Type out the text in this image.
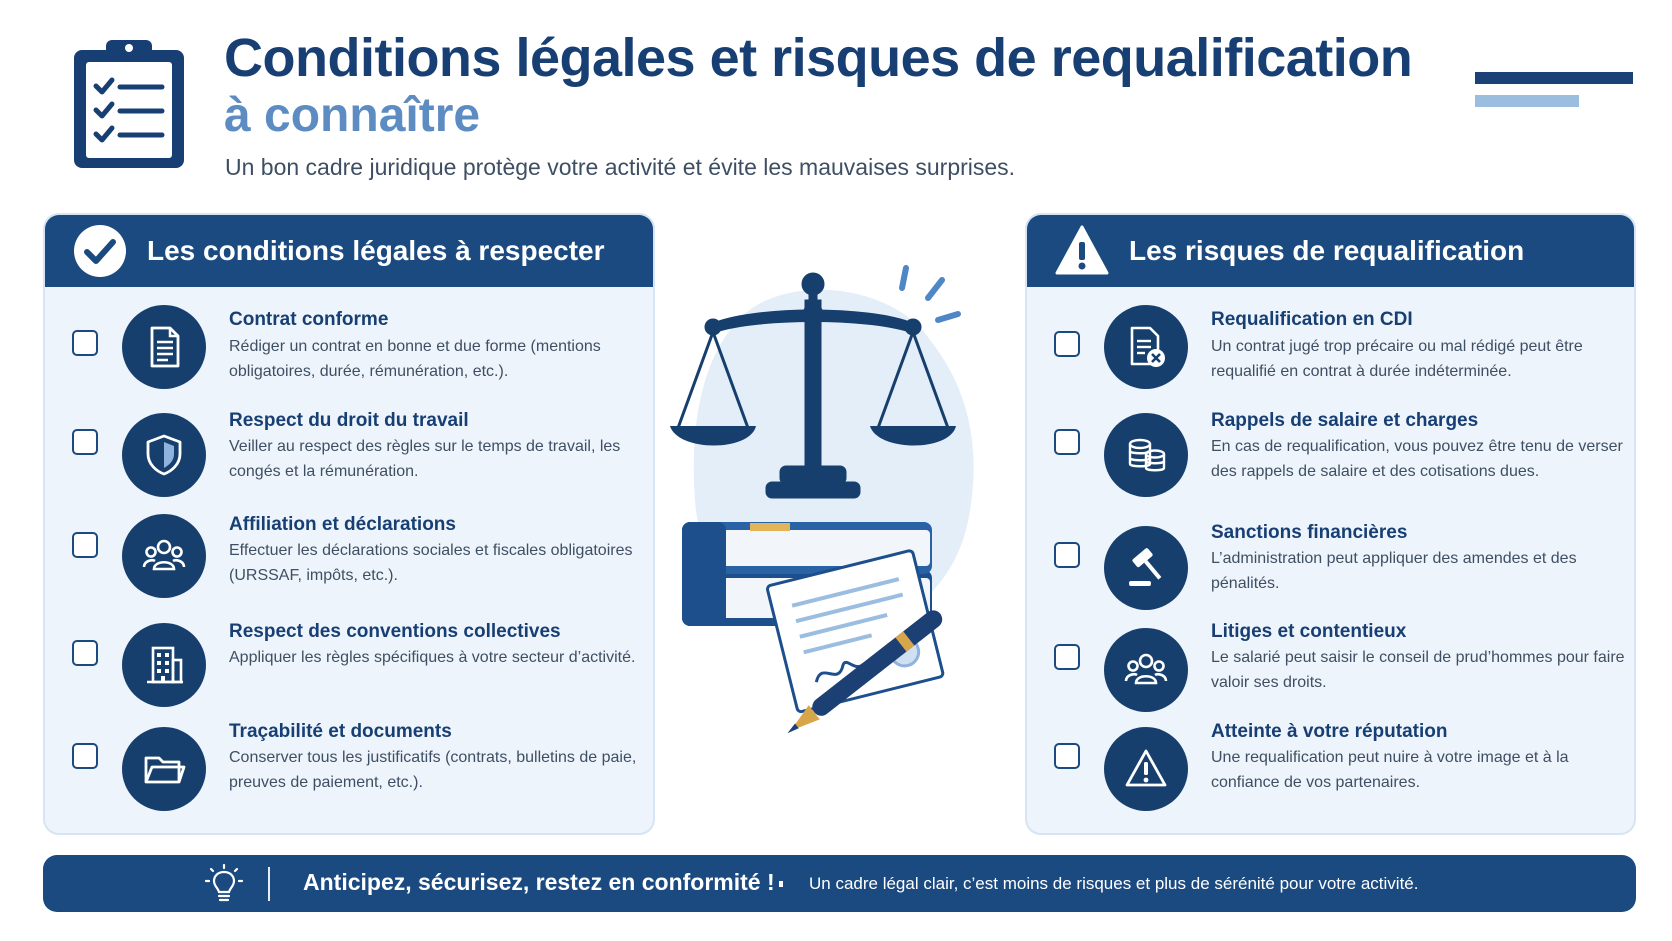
Conditions légales et risques de requalification
à connaître
Un bon cadre juridique protège votre activité et évite les mauvaises surprises.
Les conditions légales à respecter
Contrat conforme
Rédiger un contrat en bonne et due forme (mentions obligatoires, durée, rémunération, etc.).
Respect du droit du travail
Veiller au respect des règles sur le temps de travail, les congés et la rémunération.
Affiliation et déclarations
Effectuer les déclarations sociales et fiscales obligatoires (URSSAF, impôts, etc.).
Respect des conventions collectives
Appliquer les règles spécifiques à votre secteur d’activité.
Traçabilité et documents
Conserver tous les justificatifs (contrats, bulletins de paie, preuves de paiement, etc.).
Les risques de requalification
Requalification en CDI
Un contrat jugé trop précaire ou mal rédigé peut être requalifié en contrat à durée indéterminée.
Rappels de salaire et charges
En cas de requalification, vous pouvez être tenu de verser des rappels de salaire et des cotisations dues.
Sanctions financières
L’administration peut appliquer des amendes et des pénalités.
Litiges et contentieux
Le salarié peut saisir le conseil de prud’hommes pour faire valoir ses droits.
Atteinte à votre réputation
Une requalification peut nuire à votre image et à la confiance de vos partenaires.
Anticipez, sécurisez, restez en conformité ! Un cadre légal clair, c’est moins de risques et plus de sérénité pour votre activité.
